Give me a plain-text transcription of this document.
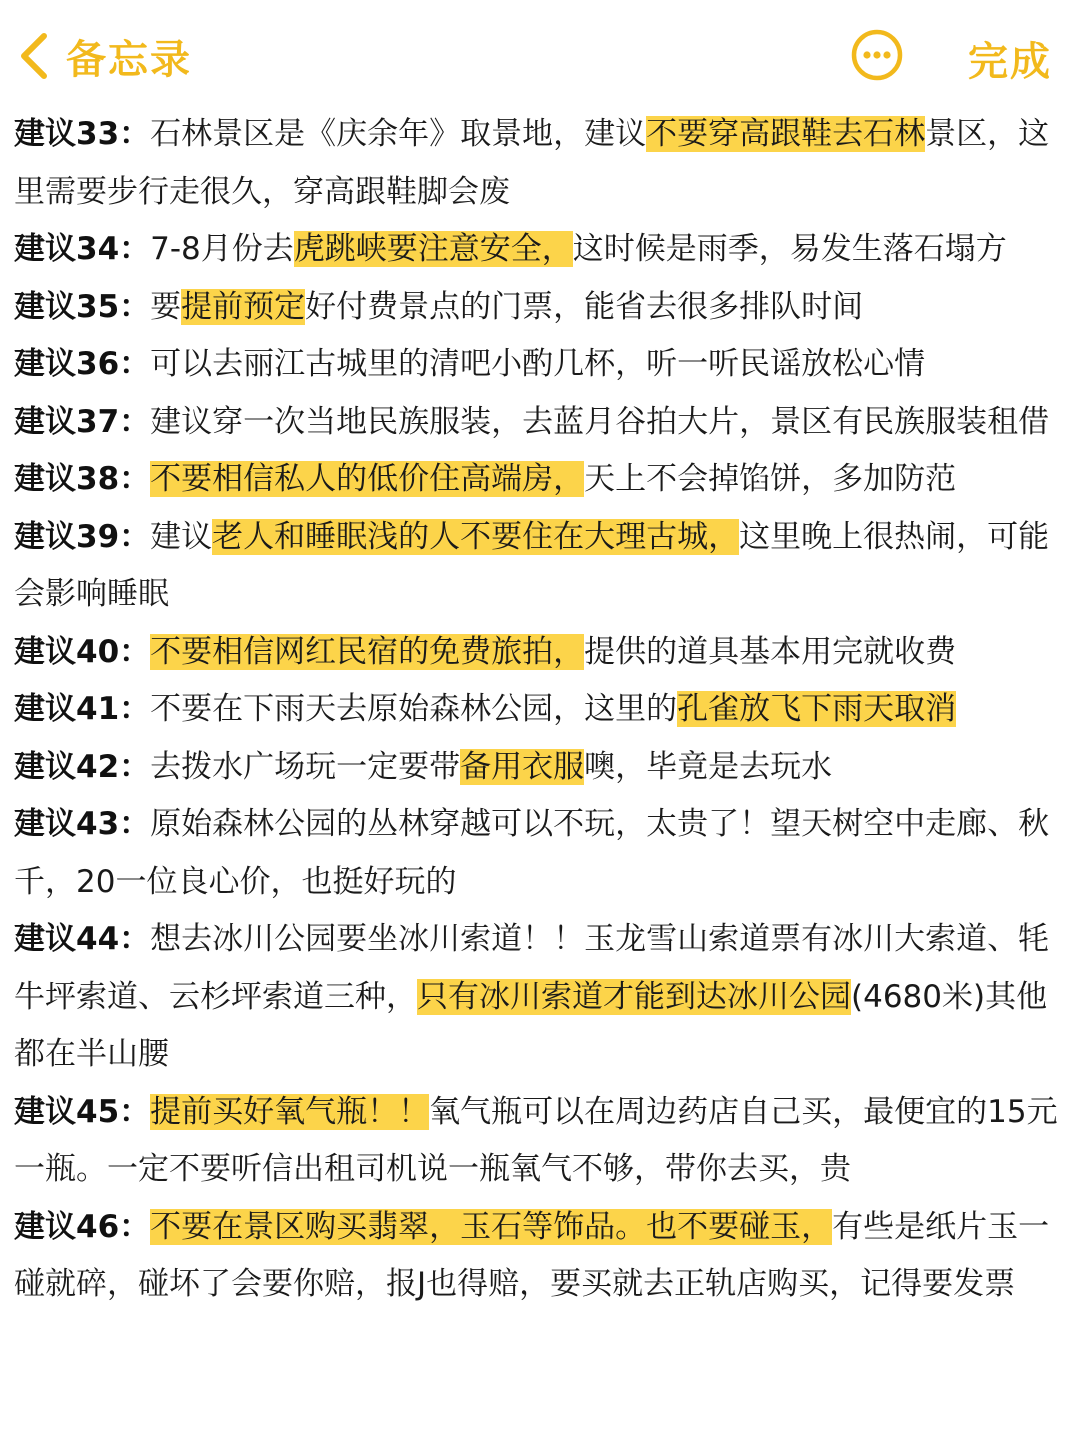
备忘录	完成
建议33：石林景区是《庆余年》取景地，建议不要穿高跟鞋去石林景区，这里需要步行走很久，穿高跟鞋脚会废
建议34：7-8月份去虎跳峡要注意安全，这时候是雨季，易发生落石塌方
建议35：要提前预定好付费景点的门票，能省去很多排队时间
建议36：可以去丽江古城里的清吧小酌几杯，听一听民谣放松心情
建议37：建议穿一次当地民族服装，去蓝月谷拍大片，景区有民族服装租借
建议38：不要相信私人的低价住高端房，天上不会掉馅饼，多加防范
建议39：建议老人和睡眠浅的人不要住在大理古城，这里晚上很热闹，可能会影响睡眠
建议40：不要相信网红民宿的免费旅拍，提供的道具基本用完就收费
建议41：不要在下雨天去原始森林公园，这里的孔雀放飞下雨天取消
建议42：去拨水广场玩一定要带备用衣服噢，毕竟是去玩水
建议43：原始森林公园的丛林穿越可以不玩，太贵了！望天树空中走廊、秋千，20一位良心价，也挺好玩的
建议44：想去冰川公园要坐冰川索道！！玉龙雪山索道票有冰川大索道、牦牛坪索道、云杉坪索道三种，只有冰川索道才能到达冰川公园(4680米)其他都在半山腰
建议45：提前买好氧气瓶！！氧气瓶可以在周边药店自己买，最便宜的15元一瓶。一定不要听信出租司机说一瓶氧气不够，带你去买，贵
建议46：不要在景区购买翡翠，玉石等饰品。也不要碰玉，有些是纸片玉一碰就碎，碰坏了会要你赔，报J也得赔，要买就去正轨店购买，记得要发票
